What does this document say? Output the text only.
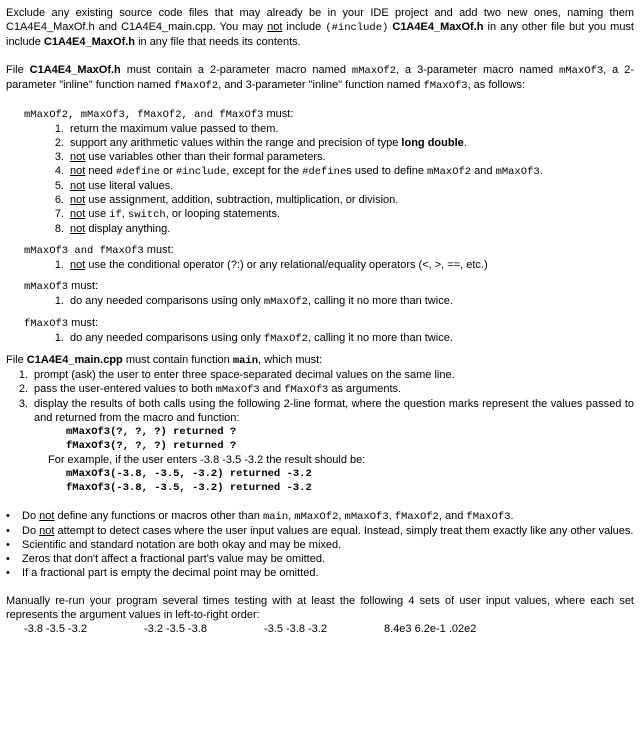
Exclude any existing source code files that may already be in your IDE project and add two new ones, naming them C1A4E4_MaxOf.h and C1A4E4_main.cpp. You may not include (#include) C1A4E4_MaxOf.h in any other file but you must include C1A4E4_MaxOf.h in any file that needs its contents.

File C1A4E4_MaxOf.h must contain a 2-parameter macro named mMaxOf2, a 3-parameter macro named mMaxOf3, a 2-parameter "inline" function named fMaxOf2, and 3-parameter "inline" function named fMaxOf3, as follows:

mMaxOf2, mMaxOf3, fMaxOf2, and fMaxOf3 must:

1. return the maximum value passed to them.
2. support any arithmetic values within the range and precision of type long double.
3. not use variables other than their formal parameters.
4. not need #define or #include, except for the #defines used to define mMaxOf2 and mMaxOf3.
5. not use literal values.
6. not use assignment, addition, subtraction, multiplication, or division.
7. not use if, switch, or looping statements.
8. not display anything.

mMaxOf3 and fMaxOf3 must:

1. not use the conditional operator (?:) or any relational/equality operators (<, >, ==, etc.)

mMaxOf3 must:

1. do any needed comparisons using only mMaxOf2, calling it no more than twice.

fMaxOf3 must:

1. do any needed comparisons using only fMaxOf2, calling it no more than twice.

File C1A4E4_main.cpp must contain function main, which must:

1. prompt (ask) the user to enter three space-separated decimal values on the same line.
2. pass the user-entered values to both mMaxOf3 and fMaxOf3 as arguments.
3. display the results of both calls using the following 2-line format, where the question marks represent the values passed to and returned from the macro and function:
mMaxOf3(?, ?, ?) returned ?
fMaxOf3(?, ?, ?) returned ?

For example, if the user enters -3.8 -3.5 -3.2 the result should be:

mMaxOf3(-3.8, -3.5, -3.2) returned -3.2
fMaxOf3(-3.8, -3.5, -3.2) returned -3.2
•	Do not define any functions or macros other than main, mMaxOf2, mMaxOf3, fMaxOf2, and fMaxOf3.
•	Do not attempt to detect cases where the user input values are equal. Instead, simply treat them exactly like any other values.
•	Scientific and standard notation are both okay and may be mixed.
•	Zeros that don't affect a fractional part's value may be omitted.
•	If a fractional part is empty the decimal point may be omitted.

Manually re-run your program several times testing with at least the following 4 sets of user input values, where each set represents the argument values in left-to-right order:

-3.8 -3.5 -3.2	-3.2 -3.5 -3.8	-3.5 -3.8 -3.2	8.4e3 6.2e-1 .02e2
